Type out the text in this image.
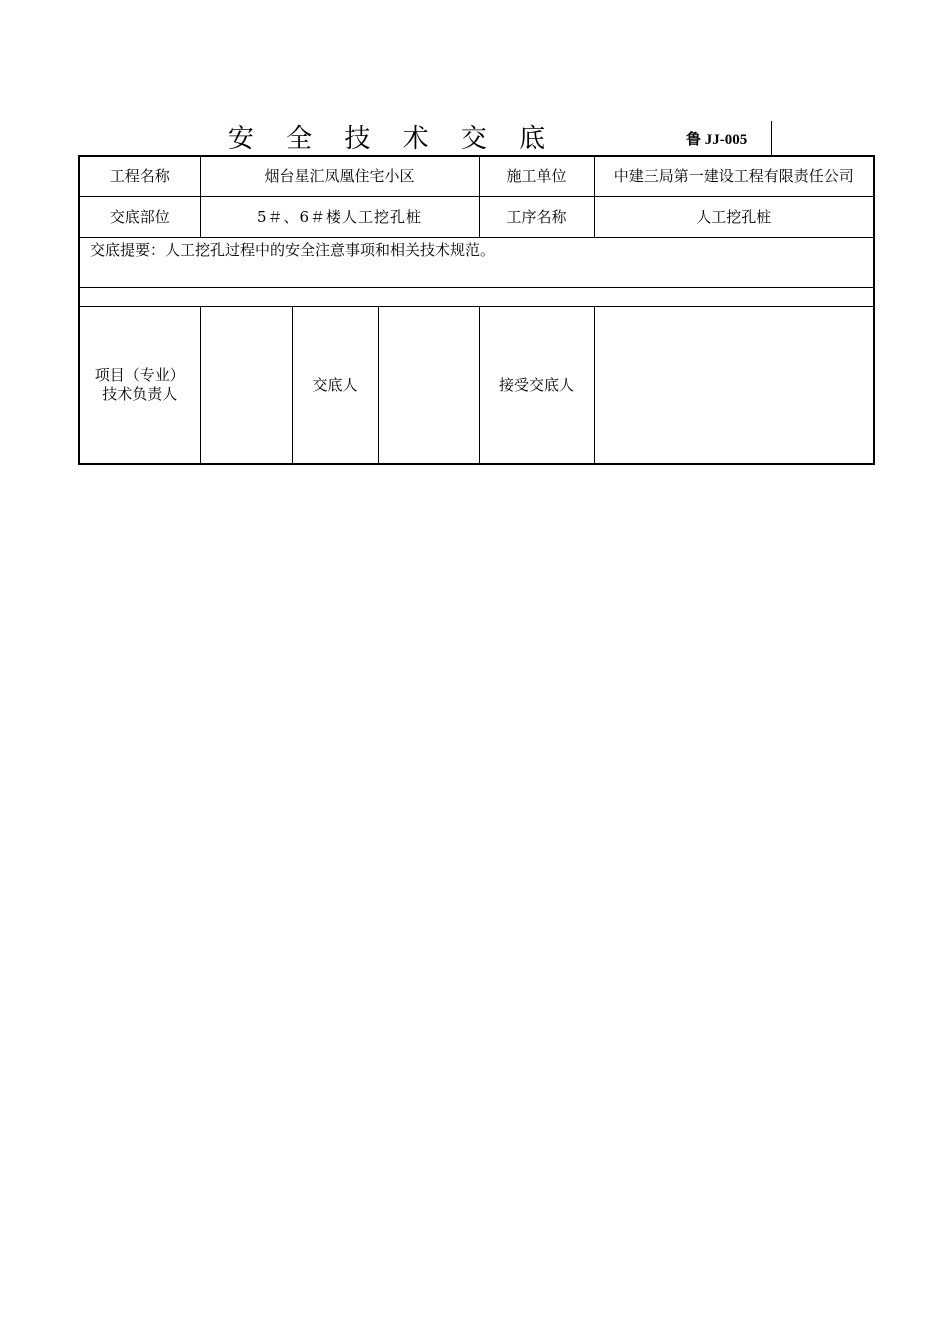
安 全 技 术 交 底	鲁 JJ-005
工程名称	烟台星汇凤凰住宅小区			施工单位	中建三局第一建设工程有限责任公司
交底部位	5＃、6＃楼人工挖孔桩			工序名称	人工挖孔桩
交底提要：人工挖孔过程中的安全注意事项和相关技术规范。					

项目（专业）
技术负责人		交底人		接受交底人	
